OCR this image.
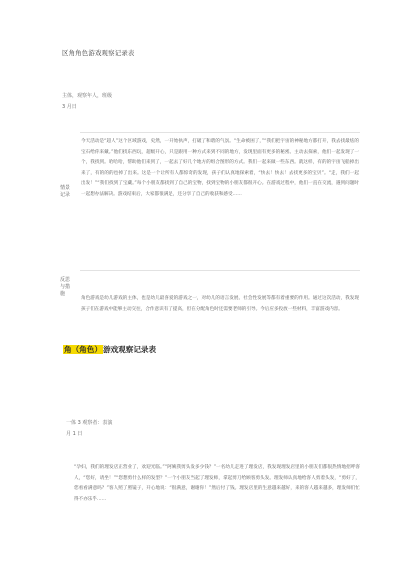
区角角色游戏观察记录表
主体，观察年人，班级
3 月日
情景记录
今天活动是“超人”这个区域游戏，史然，一开始执声，打破了和谐的气氛。“生命被困了，”“我们把宇宙的神秘地方都打开，我去找最炫的宝石给你来戴。”他们找东西玩，超级开心，只是跟用一种方式来到不同的地方，发现里面有更多的秘密。主动去探索，他们一起发现了一个，我找到。哈哈哈，帮助他们来到了，一起去了好几个地方的组合图形的方式。我们一起来做一些东西。就这样，有的的宇宙飞船掉出来了，有的的的也掉了出来。这是一个让所有人都惊奇的发现，孩子们认真地探索着，“快去！快去！去找更多的宝贝”。“走，我们一起出发！”“我们找到了宝藏。”每个小朋友都找到了自己的宝物，找到宝物的小朋友都很开心。在游戏过程中，他们一直在交流，遇到问题时一起想办法解决。游戏结束后，大家都很满足，还分享了自己的收获和感受……
反思与措施
角色游戏是幼儿游戏的主体，也是幼儿最喜爱的游戏之一，对幼儿的语言发展、社会性发展等都有着重要的作用。通过这次活动，我发现孩子们在游戏中能够主动交往，合作意识有了提高，但在分配角色时还需要老师的引导。今后应多投放一些材料，丰富游戏内容。
角（角色）游戏观察记录表
一体 3 观察者：表演
月 1 日
“孕妇，我们的理发店正营业了，欢迎光临。”“阿姨我剪头发多少钱？”一名幼儿走进了理发店，我发现理发店里的小朋友们都很热情地招呼客人，“您好，请坐！”“您想剪什么样的发型？”一个小朋友当起了理发师，拿起剪刀给顾客剪头发。理发师认真地给客人剪着头发，“剪好了，您看看满意吗？”客人照了照镜子，开心地说：“很满意，谢谢你！”然后付了钱。理发店里的生意越来越好，来的客人越来越多，理发师们忙得不亦乐乎……
